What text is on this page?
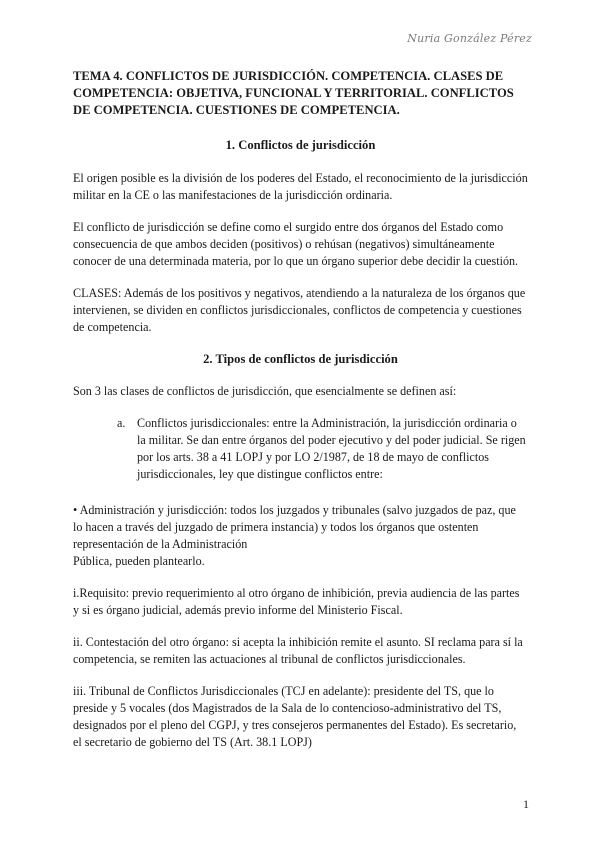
Nuria González Pérez
TEMA 4. CONFLICTOS DE JURISDICCIÓN. COMPETENCIA. CLASES DE COMPETENCIA: OBJETIVA, FUNCIONAL Y TERRITORIAL. CONFLICTOS DE COMPETENCIA. CUESTIONES DE COMPETENCIA.
1. Conflictos de jurisdicción

El origen posible es la división de los poderes del Estado, el reconocimiento de la jurisdicción militar en la CE o las manifestaciones de la jurisdicción ordinaria.

El conflicto de jurisdicción se define como el surgido entre dos órganos del Estado como consecuencia de que ambos deciden (positivos) o rehúsan (negativos) simultáneamente conocer de una determinada materia, por lo que un órgano superior debe decidir la cuestión.

CLASES: Además de los positivos y negativos, atendiendo a la naturaleza de los órganos que intervienen, se dividen en conflictos jurisdiccionales, conflictos de competencia y cuestiones de competencia.

2. Tipos de conflictos de jurisdicción

Son 3 las clases de conflictos de jurisdicción, que esencialmente se definen así:

a. Conflictos jurisdiccionales: entre la Administración, la jurisdicción ordinaria o la militar. Se dan entre órganos del poder ejecutivo y del poder judicial. Se rigen por los arts. 38 a 41 LOPJ y por LO 2/1987, de 18 de mayo de conflictos jurisdiccionales, ley que distingue conflictos entre:

• Administración y jurisdicción: todos los juzgados y tribunales (salvo juzgados de paz, que lo hacen a través del juzgado de primera instancia) y todos los órganos que ostenten representación de la Administración

Pública, pueden plantearlo.

i.Requisito: previo requerimiento al otro órgano de inhibición, previa audiencia de las partes y si es órgano judicial, además previo informe del Ministerio Fiscal.

ii. Contestación del otro órgano: si acepta la inhibición remite el asunto. SI reclama para sí la competencia, se remiten las actuaciones al tribunal de conflictos jurisdiccionales.

iii. Tribunal de Conflictos Jurisdiccionales (TCJ en adelante): presidente del TS, que lo preside y 5 vocales (dos Magistrados de la Sala de lo contencioso-administrativo del TS, designados por el pleno del CGPJ, y tres consejeros permanentes del Estado). Es secretario, el secretario de gobierno del TS (Art. 38.1 LOPJ)

1
